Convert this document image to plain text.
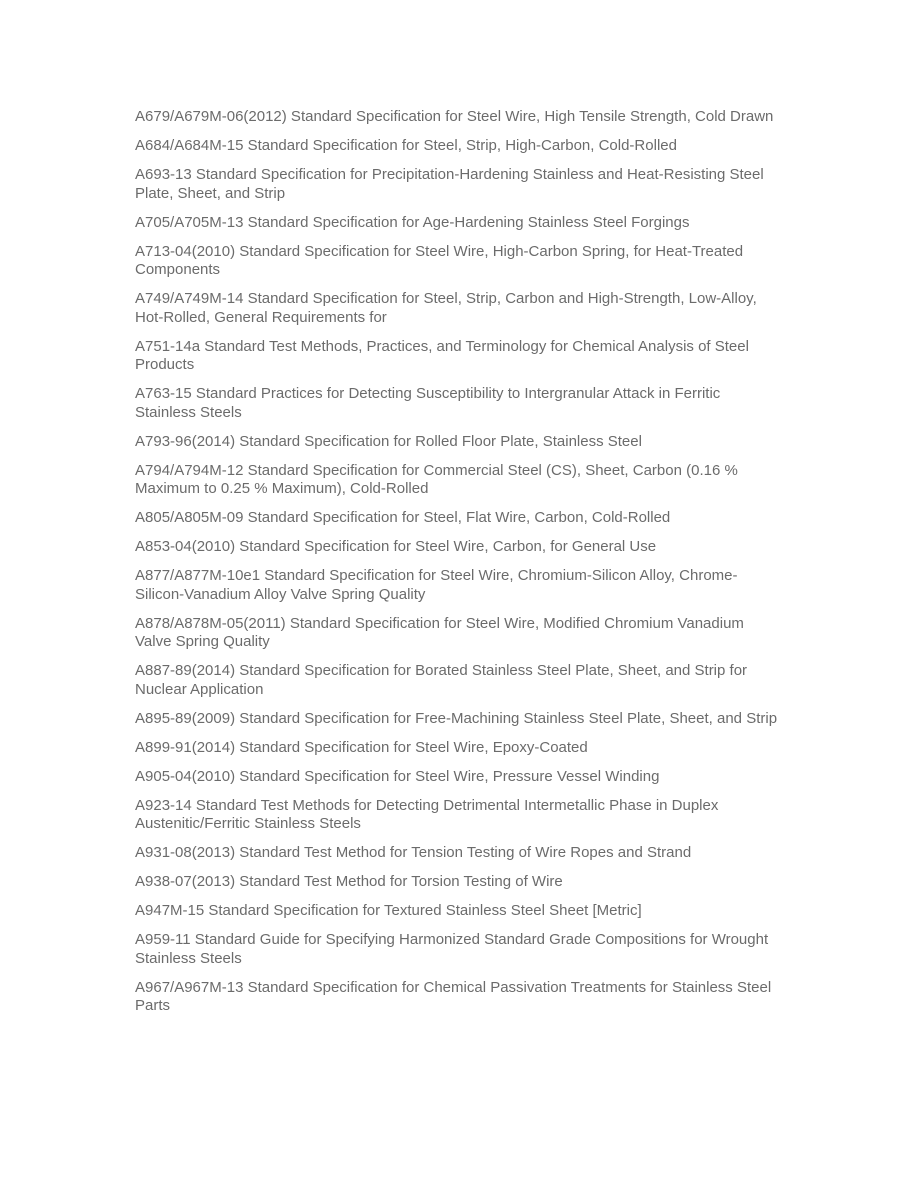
A679/A679M-06(2012) Standard Specification for Steel Wire, High Tensile Strength, Cold Drawn

A684/A684M-15 Standard Specification for Steel, Strip, High-Carbon, Cold-Rolled

A693-13 Standard Specification for Precipitation-Hardening Stainless and Heat-Resisting Steel Plate, Sheet, and Strip

A705/A705M-13 Standard Specification for Age-Hardening Stainless Steel Forgings

A713-04(2010) Standard Specification for Steel Wire, High-Carbon Spring, for Heat-Treated Components

A749/A749M-14 Standard Specification for Steel, Strip, Carbon and High-Strength, Low-Alloy, Hot-Rolled, General Requirements for

A751-14a Standard Test Methods, Practices, and Terminology for Chemical Analysis of Steel Products

A763-15 Standard Practices for Detecting Susceptibility to Intergranular Attack in Ferritic Stainless Steels

A793-96(2014) Standard Specification for Rolled Floor Plate, Stainless Steel

A794/A794M-12 Standard Specification for Commercial Steel (CS), Sheet, Carbon (0.16 % Maximum to 0.25 % Maximum), Cold-Rolled

A805/A805M-09 Standard Specification for Steel, Flat Wire, Carbon, Cold-Rolled

A853-04(2010) Standard Specification for Steel Wire, Carbon, for General Use

A877/A877M-10e1 Standard Specification for Steel Wire, Chromium-Silicon Alloy, Chrome-Silicon-Vanadium Alloy Valve Spring Quality

A878/A878M-05(2011) Standard Specification for Steel Wire, Modified Chromium Vanadium Valve Spring Quality

A887-89(2014) Standard Specification for Borated Stainless Steel Plate, Sheet, and Strip for Nuclear Application

A895-89(2009) Standard Specification for Free-Machining Stainless Steel Plate, Sheet, and Strip

A899-91(2014) Standard Specification for Steel Wire, Epoxy-Coated

A905-04(2010) Standard Specification for Steel Wire, Pressure Vessel Winding

A923-14 Standard Test Methods for Detecting Detrimental Intermetallic Phase in Duplex Austenitic/Ferritic Stainless Steels

A931-08(2013) Standard Test Method for Tension Testing of Wire Ropes and Strand

A938-07(2013) Standard Test Method for Torsion Testing of Wire

A947M-15 Standard Specification for Textured Stainless Steel Sheet [Metric]

A959-11 Standard Guide for Specifying Harmonized Standard Grade Compositions for Wrought Stainless Steels

A967/A967M-13 Standard Specification for Chemical Passivation Treatments for Stainless Steel Parts
